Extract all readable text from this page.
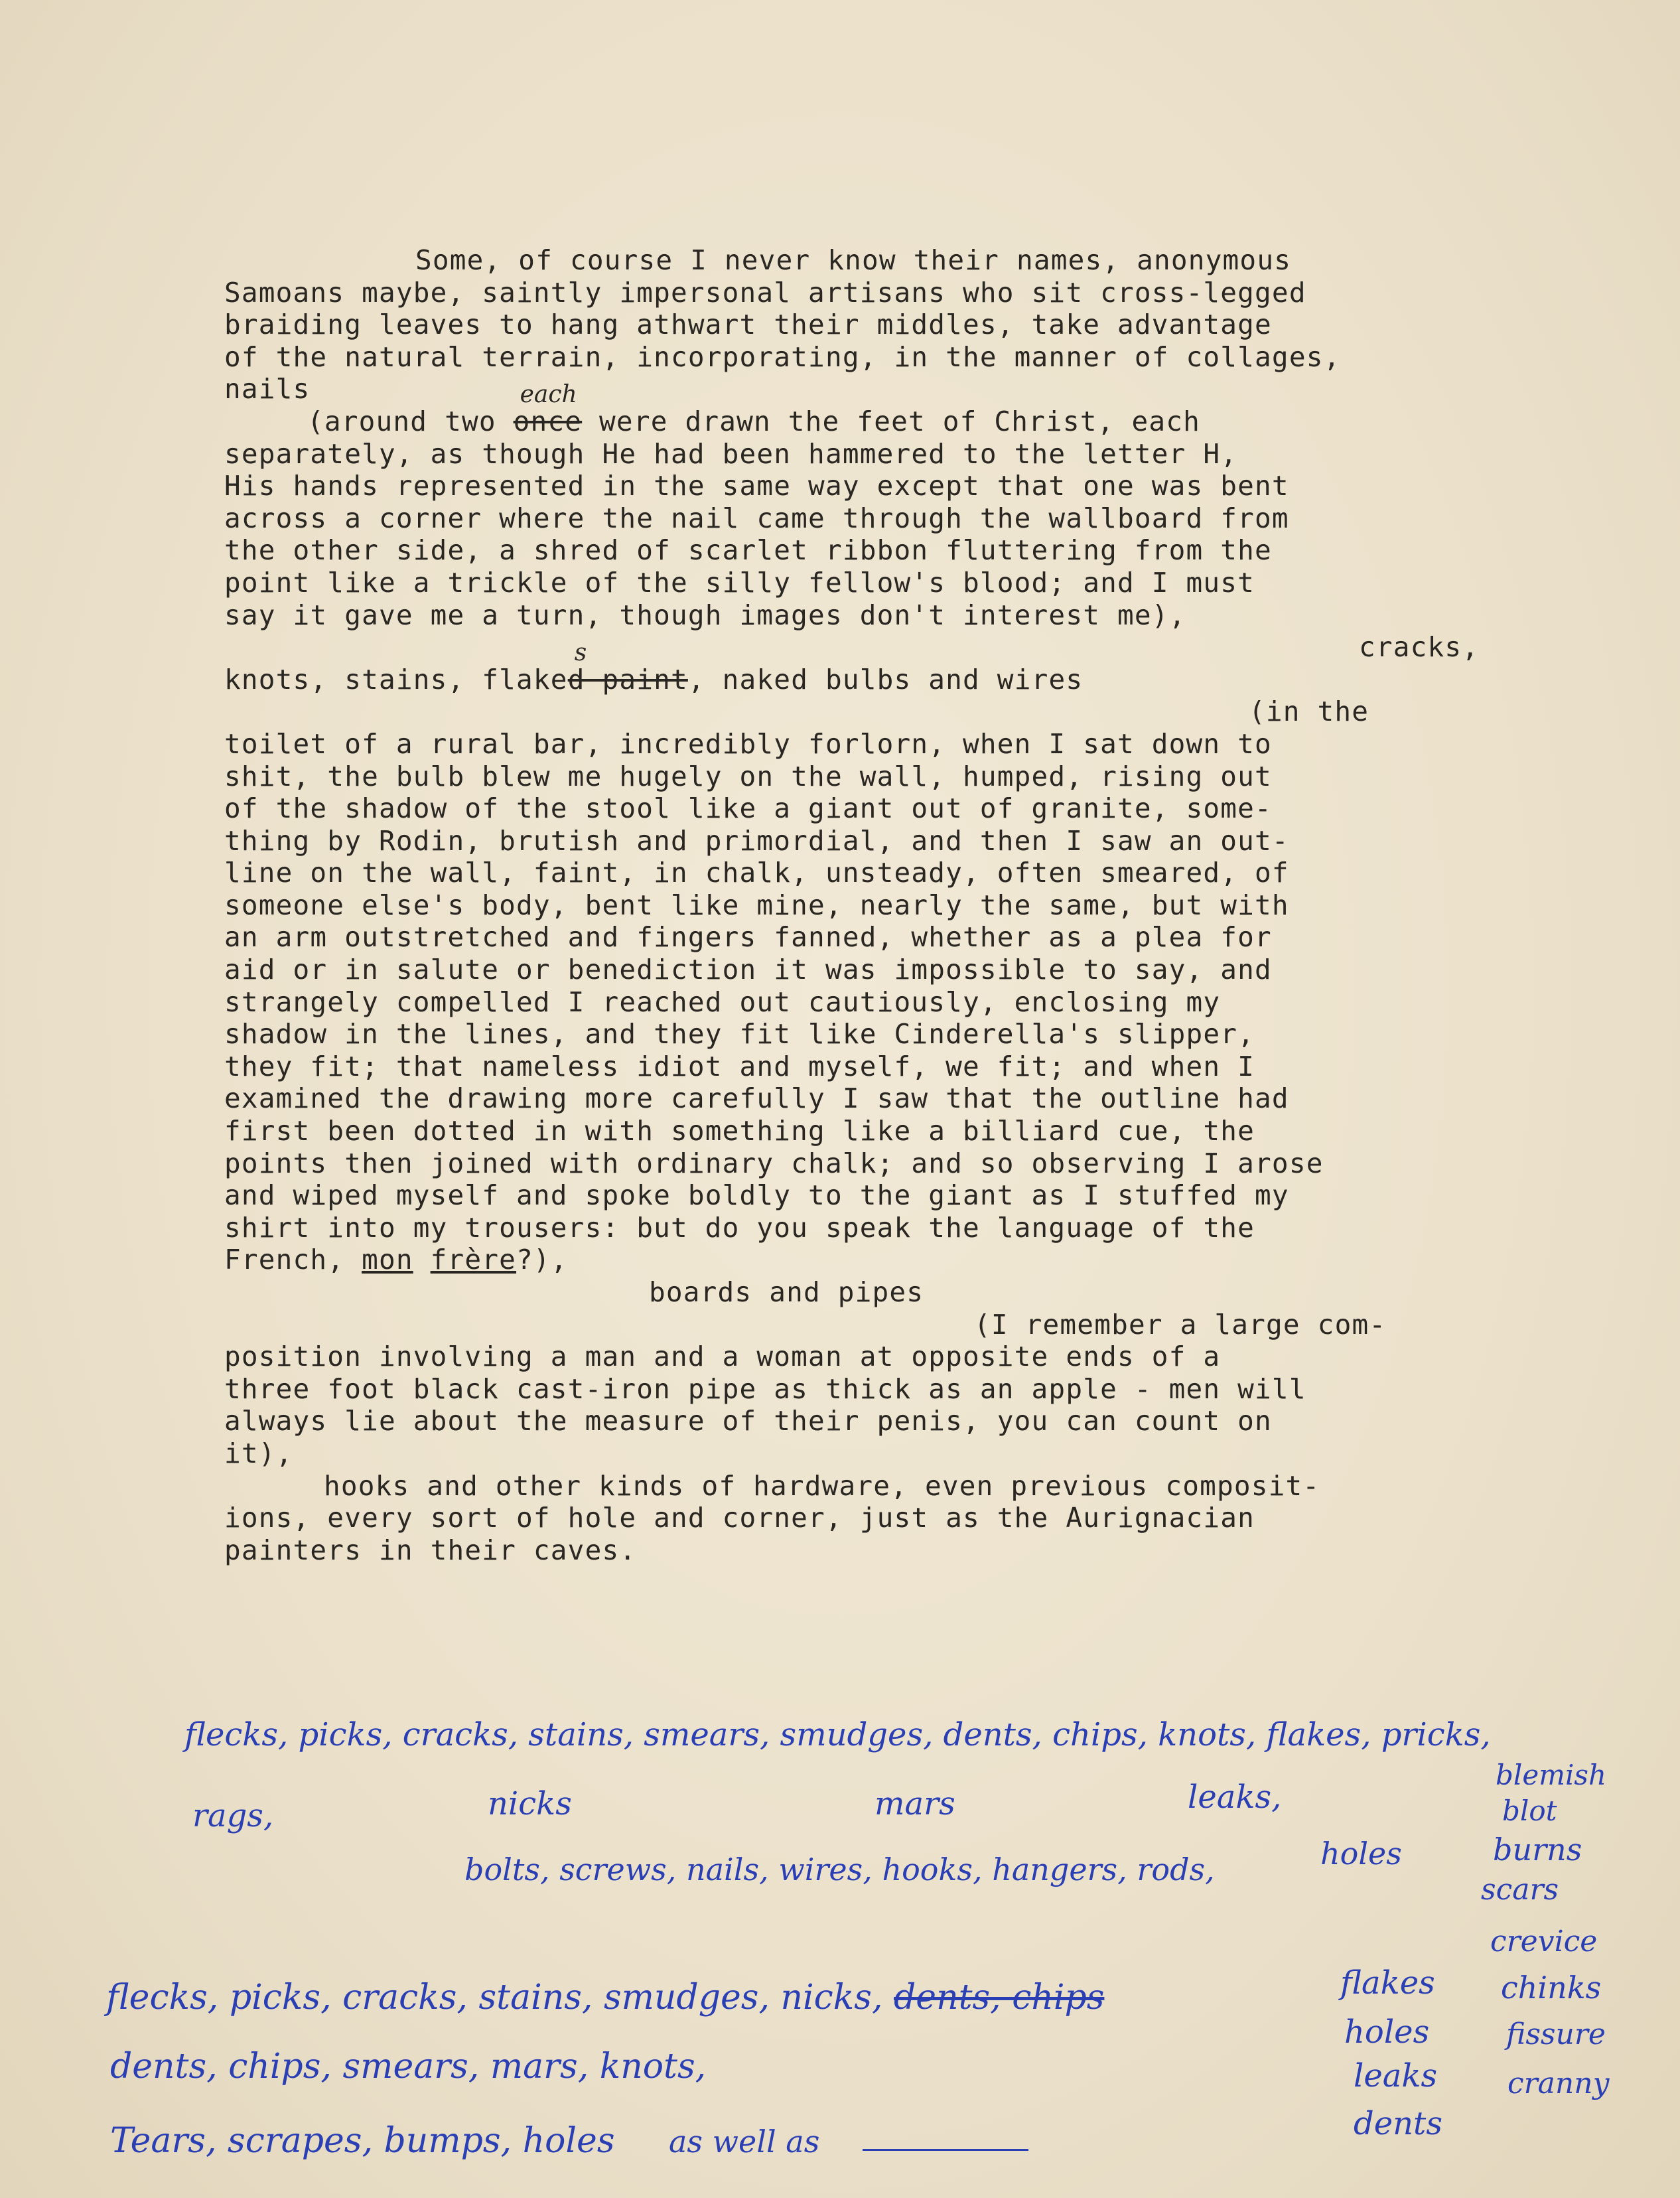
Some, of course I never know their names, anonymous
Samoans maybe, saintly impersonal artisans who sit cross-legged
braiding leaves to hang athwart their middles, take advantage
of the natural terrain, incorporating, in the manner of collages,
nails
(around two once
each
were drawn the feet of Christ, each
separately, as though He had been hammered to the letter H,
His hands represented in the same way except that one was bent
across a corner where the nail came through the wallboard from
the other side, a shred of scarlet ribbon fluttering from the
point like a trickle of the silly fellow's blood; and I must
say it gave me a turn, though images don't interest me),
cracks,
knots, stains, flaked paint
s
, naked bulbs and wires
(in the
toilet of a rural bar, incredibly forlorn, when I sat down to
shit, the bulb blew me hugely on the wall, humped, rising out
of the shadow of the stool like a giant out of granite, some-
thing by Rodin, brutish and primordial, and then I saw an out-
line on the wall, faint, in chalk, unsteady, often smeared, of
someone else's body, bent like mine, nearly the same, but with
an arm outstretched and fingers fanned, whether as a plea for
aid or in salute or benediction it was impossible to say, and
strangely compelled I reached out cautiously, enclosing my
shadow in the lines, and they fit like Cinderella's slipper,
they fit; that nameless idiot and myself, we fit; and when I
examined the drawing more carefully I saw that the outline had
first been dotted in with something like a billiard cue, the
points then joined with ordinary chalk; and so observing I arose
and wiped myself and spoke boldly to the giant as I stuffed my
shirt into my trousers: but do you speak the language of the
French, mon frère?),
boards and pipes
(I remember a large com-
position involving a man and a woman at opposite ends of a
three foot black cast-iron pipe as thick as an apple - men will
always lie about the measure of their penis, you can count on
it),
hooks and other kinds of hardware, even previous composit-
ions, every sort of hole and corner, just as the Aurignacian
painters in their caves.
flecks, picks, cracks, stains, smears, smudges, dents, chips, knots, flakes, pricks,
rags,	nicks	mars	leaks,
holes
bolts, screws, nails, wires, hooks, hangers, rods,
blemish
blot
burns
scars
crevice
chinks
fissure
cranny
flakes
holes
leaks
dents
flecks, picks, cracks, stains, smudges, nicks, dents, chips
dents, chips, smears, mars, knots,
Tears, scrapes, bumps, holes as well as
